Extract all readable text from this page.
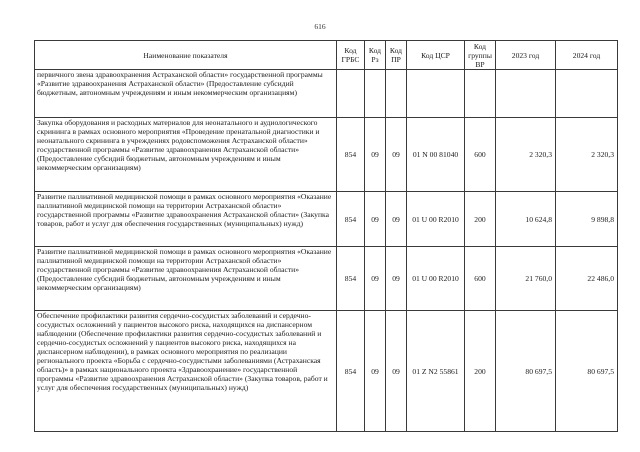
616
Наименование показателя	Код ГРБС	Код Рз	Код ПР	Код ЦСР	Код группы ВР	2023 год	2024 год
первичного звена здравоохранения Астраханской области» государственной программы «Развитие здравоохранения Астраханской области» (Предоставление субсидий бюджетным, автономным учреждениям и иным некоммерческим организациям)							
Закупка оборудования и расходных материалов для неонатального и аудиологического скрининга в рамках основного мероприятия «Проведение пренатальной диагностики и неонатального скрининга в учреждениях родовспоможения Астраханской области» государственной программы «Развитие здравоохранения Астраханской области» (Предоставление субсидий бюджетным, автономным учреждениям и иным некоммерческим организациям)	854	09	09	01 N 00 81040	600	2 320,3	2 320,3
Развитие паллиативной медицинской помощи в рамках основного мероприятия «Оказание паллиативной медицинской помощи на территории Астраханской области» государственной программы «Развитие здравоохранения Астраханской области» (Закупка товаров, работ и услуг для обеспечения государственных (муниципальных) нужд)	854	09	09	01 U 00 R2010	200	10 624,8	9 898,8
Развитие паллиативной медицинской помощи в рамках основного мероприятия «Оказание паллиативной медицинской помощи на территории Астраханской области» государственной программы «Развитие здравоохранения Астраханской области» (Предоставление субсидий бюджетным, автономным учреждениям и иным некоммерческим организациям)	854	09	09	01 U 00 R2010	600	21 760,0	22 486,0
Обеспечение профилактики развития сердечно-сосудистых заболеваний и сердечно-сосудистых осложнений у пациентов высокого риска, находящихся на диспансерном наблюдении (Обеспечение профилактики развития сердечно-сосудистых заболеваний и сердечно-сосудистых осложнений у пациентов высокого риска, находящихся на диспансерном наблюдении), в рамках основного мероприятия по реализации регионального проекта «Борьба с сердечно-сосудистыми заболеваниями (Астраханская область)» в рамках национального проекта «Здравоохранение» государственной программы «Развитие здравоохранения Астраханской области» (Закупка товаров, работ и услуг для обеспечения государственных (муниципальных) нужд)	854	09	09	01 Z N2 55861	200	80 697,5	80 697,5
